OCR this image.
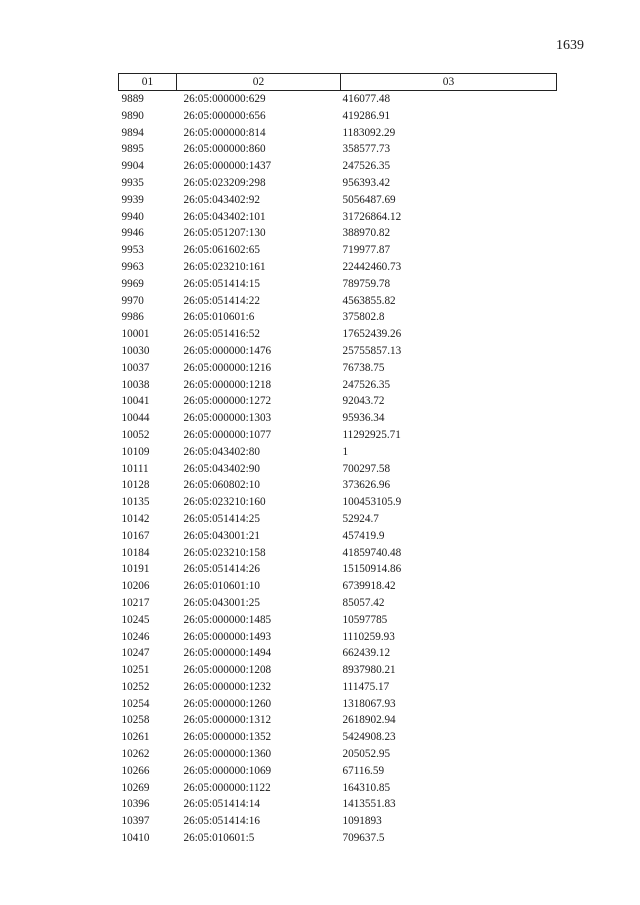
1639
01	02	03
9889	26:05:000000:629	416077.48
9890	26:05:000000:656	419286.91
9894	26:05:000000:814	1183092.29
9895	26:05:000000:860	358577.73
9904	26:05:000000:1437	247526.35
9935	26:05:023209:298	956393.42
9939	26:05:043402:92	5056487.69
9940	26:05:043402:101	31726864.12
9946	26:05:051207:130	388970.82
9953	26:05:061602:65	719977.87
9963	26:05:023210:161	22442460.73
9969	26:05:051414:15	789759.78
9970	26:05:051414:22	4563855.82
9986	26:05:010601:6	375802.8
10001	26:05:051416:52	17652439.26
10030	26:05:000000:1476	25755857.13
10037	26:05:000000:1216	76738.75
10038	26:05:000000:1218	247526.35
10041	26:05:000000:1272	92043.72
10044	26:05:000000:1303	95936.34
10052	26:05:000000:1077	11292925.71
10109	26:05:043402:80	1
10111	26:05:043402:90	700297.58
10128	26:05:060802:10	373626.96
10135	26:05:023210:160	100453105.9
10142	26:05:051414:25	52924.7
10167	26:05:043001:21	457419.9
10184	26:05:023210:158	41859740.48
10191	26:05:051414:26	15150914.86
10206	26:05:010601:10	6739918.42
10217	26:05:043001:25	85057.42
10245	26:05:000000:1485	10597785
10246	26:05:000000:1493	1110259.93
10247	26:05:000000:1494	662439.12
10251	26:05:000000:1208	8937980.21
10252	26:05:000000:1232	111475.17
10254	26:05:000000:1260	1318067.93
10258	26:05:000000:1312	2618902.94
10261	26:05:000000:1352	5424908.23
10262	26:05:000000:1360	205052.95
10266	26:05:000000:1069	67116.59
10269	26:05:000000:1122	164310.85
10396	26:05:051414:14	1413551.83
10397	26:05:051414:16	1091893
10410	26:05:010601:5	709637.5
